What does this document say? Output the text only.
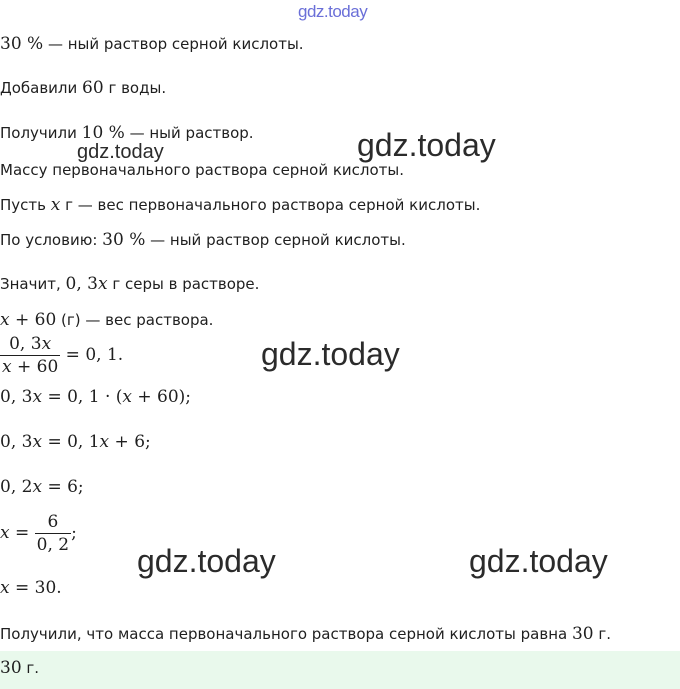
gdz.today
gdz.today
gdz.today
gdz.today
gdz.today	gdz.today
30 % — ный раствор серной кислоты.
Добавили 60 г воды.
Получили 10 % — ный раствор.
Массу первоначального раствора серной кислоты.
Пусть x г — вес первоначального раствора серной кислоты.
По условию: 30 % — ный раствор серной кислоты.
Значит, 0, 3x г серы в растворе.
x + 60 (г) — вес раствора.
$\frac{0, 3x}{x + 60} = 0$, 1.
0, 3x = 0, 1 · (x + 60);
0, 3x = 0, 1x + 6;
0, 2x = 6;
$x = \frac{6}{0, 2}$ ;
x = 30.
Получили, что масса первоначального раствора серной кислоты равна 30 г.
30 г.
